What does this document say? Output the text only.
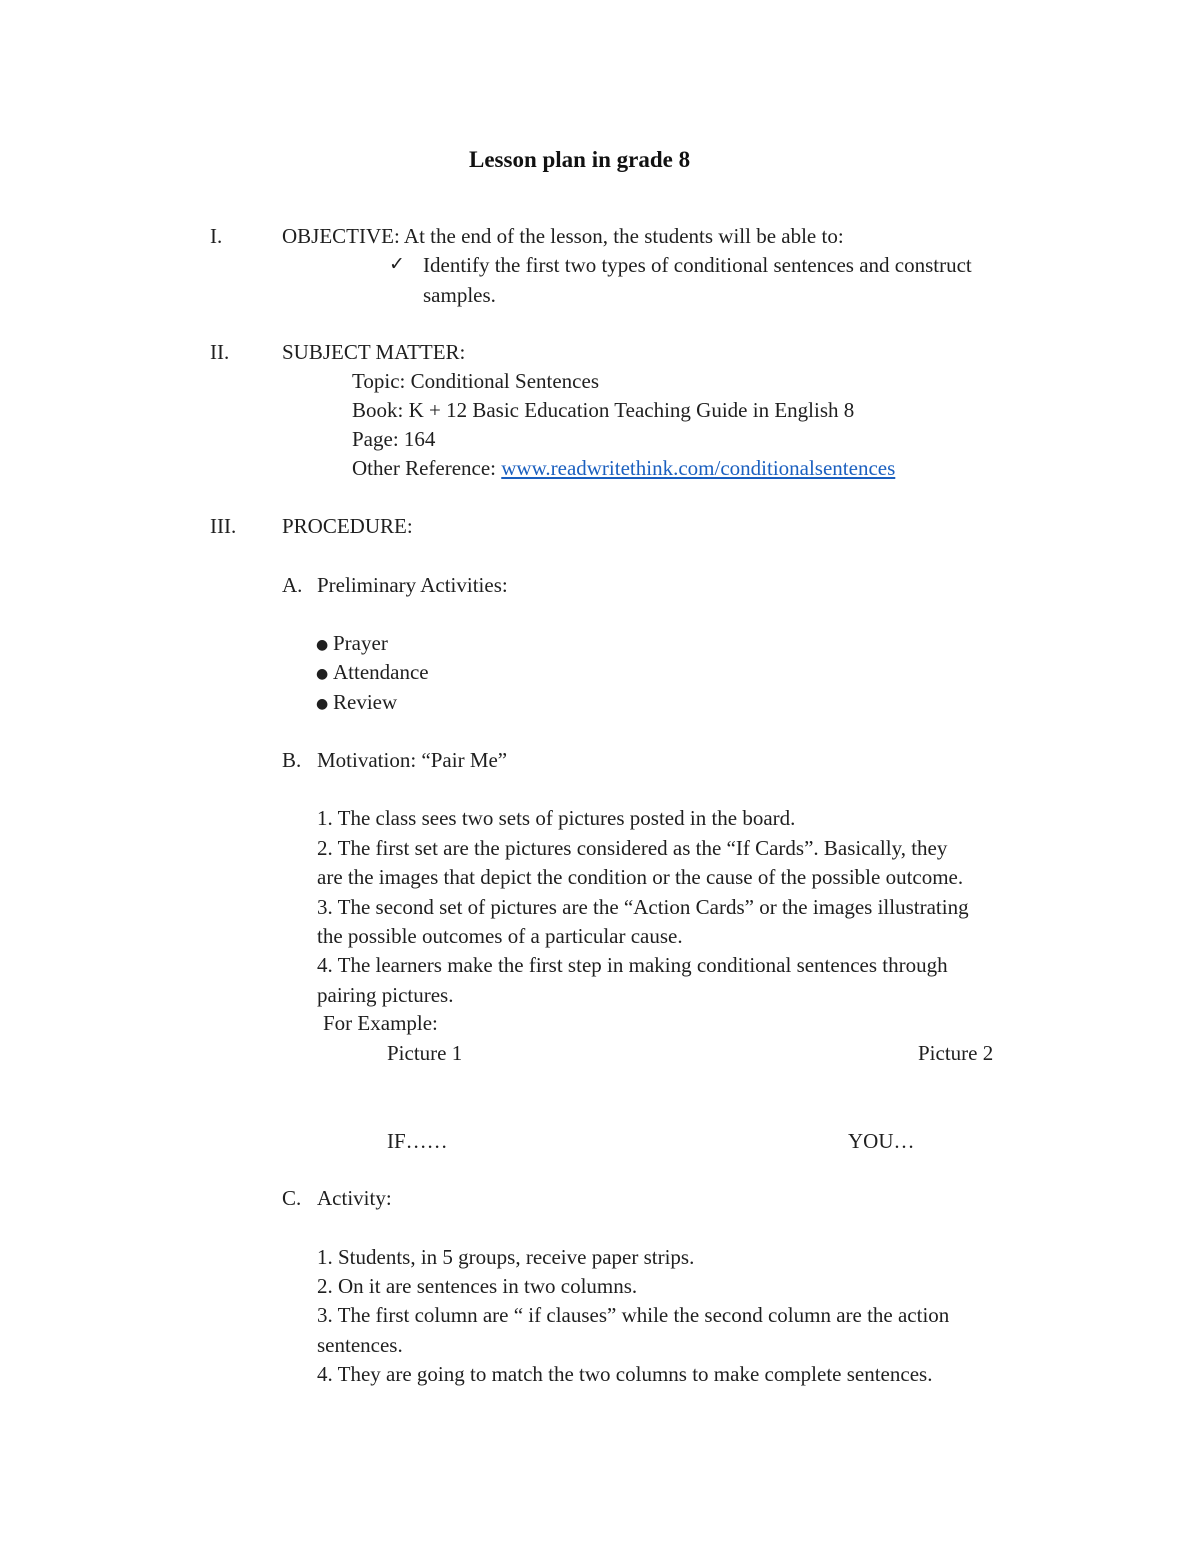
Lesson plan in grade 8
I.	OBJECTIVE: At the end of the lesson, the students will be able to:
✓ Identify the first two types of conditional sentences and construct
samples.
II.	SUBJECT MATTER:
Topic: Conditional Sentences
Book: K + 12 Basic Education Teaching Guide in English 8
Page: 164
Other Reference: www.readwritethink.com/conditionalsentences
III. PROCEDURE:
A. Preliminary Activities:
● Prayer
● Attendance
● Review
B. Motivation: “Pair Me”
1. The class sees two sets of pictures posted in the board.
2. The first set are the pictures considered as the “If Cards”. Basically, they
are the images that depict the condition or the cause of the possible outcome.
3. The second set of pictures are the “Action Cards” or the images illustrating
the possible outcomes of a particular cause.
4. The learners make the first step in making conditional sentences through
pairing pictures.
For Example:
Picture 1	Picture 2
IF……	YOU…
C. Activity:
1. Students, in 5 groups, receive paper strips.
2. On it are sentences in two columns.
3. The first column are “ if clauses” while the second column are the action
sentences.
4. They are going to match the two columns to make complete sentences.
